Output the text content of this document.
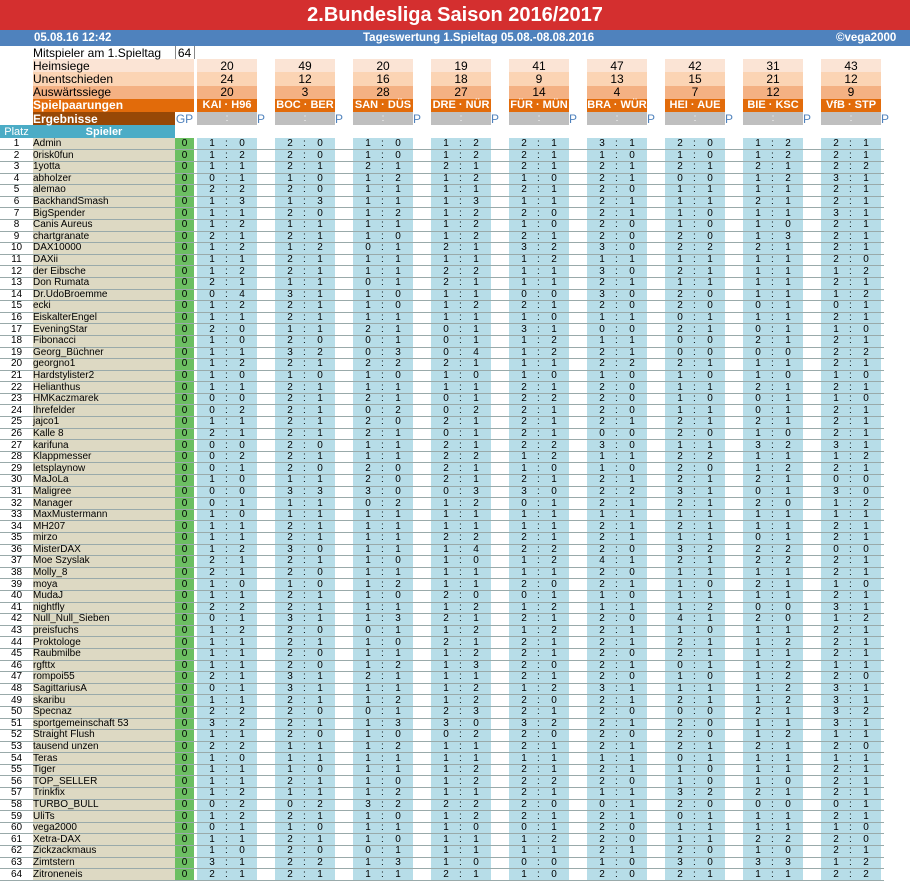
2.Bundesliga Saison 2016/2017
05.08.16 12:42	Tageswertung 1.Spieltag 05.08.-08.08.2016	©vega2000
	Mitspieler am 1.Spieltag	64																			
	Heimsiege			20		49		20		19		41		47		42		31		43	
	Unentschieden			24		12		16		18		9		13		15		21		12	
	Auswärtssiege			20		3		28		27		14		4		7		12		9	
	Spielpaarungen			KAI · H96		BOC · BER		SAN · DÜS		DRE · NÜR		FÜR · MÜN		BRA · WÜR		HEI · AUE		BIE · KSC		VfB · STP	
	Ergebnisse	GP		:	P	:	P	:	P	:	P	:	P	:	P	:	P	:	P	:	P
Platz	Spieler																				
1	Admin	0		1 : 0		2 : 0		1 : 0		1 : 2		2 : 1		3 : 1		2 : 0		1 : 2		2 : 1	
2	0risk0fun	0		1 : 2		2 : 0		1 : 0		1 : 2		2 : 1		1 : 0		1 : 0		1 : 2		2 : 1	
3	1yotta	0		1 : 1		2 : 1		2 : 1		2 : 1		2 : 1		2 : 1		2 : 1		2 : 1		2 : 2	
4	abholzer	0		0 : 1		1 : 0		1 : 2		1 : 2		1 : 0		2 : 1		0 : 0		1 : 2		3 : 1	
5	alemao	0		2 : 2		2 : 0		1 : 1		1 : 1		2 : 1		2 : 0		1 : 1		1 : 1		2 : 1	
6	BackhandSmash	0		1 : 3		1 : 3		1 : 1		1 : 3		1 : 1		2 : 1		1 : 1		2 : 1		2 : 1	
7	BigSpender	0		1 : 1		2 : 0		1 : 2		1 : 2		2 : 0		2 : 1		1 : 0		1 : 1		3 : 1	
8	Canis Aureus	0		1 : 2		1 : 1		1 : 1		1 : 2		1 : 0		2 : 0		1 : 0		1 : 0		2 : 1	
9	chartgranate	0		2 : 1		2 : 1		1 : 0		1 : 2		2 : 1		2 : 0		2 : 0		1 : 3		2 : 1	
10	DAX10000	0		1 : 2		1 : 2		0 : 1		2 : 1		3 : 2		3 : 0		2 : 2		2 : 1		2 : 1	
11	DAXii	0		1 : 1		2 : 1		1 : 1		1 : 1		1 : 2		1 : 1		1 : 1		1 : 1		2 : 0	
12	der Eibsche	0		1 : 2		2 : 1		1 : 1		2 : 2		1 : 1		3 : 0		2 : 1		1 : 1		1 : 2	
13	Don Rumata	0		2 : 1		1 : 1		0 : 1		2 : 1		1 : 1		2 : 1		1 : 1		1 : 1		2 : 1	
14	Dr.UdoBroemme	0		0 : 4		3 : 1		1 : 0		1 : 1		0 : 0		3 : 0		2 : 0		1 : 1		1 : 2	
15	ecki	0		1 : 2		2 : 1		1 : 0		1 : 2		2 : 1		2 : 0		2 : 0		0 : 1		0 : 1	
16	EiskalterEngel	0		1 : 1		2 : 1		1 : 1		1 : 1		1 : 0		1 : 1		0 : 1		1 : 1		2 : 1	
17	EveningStar	0		2 : 0		1 : 1		2 : 1		0 : 1		3 : 1		0 : 0		2 : 1		0 : 1		1 : 0	
18	Fibonacci	0		1 : 0		2 : 0		0 : 1		0 : 1		1 : 2		1 : 1		0 : 0		2 : 1		2 : 1	
19	Georg_Büchner	0		1 : 1		3 : 2		0 : 3		0 : 4		1 : 2		2 : 1		0 : 0		0 : 0		2 : 2	
20	georgno1	0		1 : 2		2 : 1		2 : 2		2 : 1		1 : 1		2 : 2		2 : 1		1 : 1		2 : 1	
21	Hardstylister2	0		1 : 0		1 : 0		1 : 0		1 : 0		1 : 0		1 : 0		1 : 0		1 : 0		1 : 0	
22	Helianthus	0		1 : 1		2 : 1		1 : 1		1 : 1		2 : 1		2 : 0		1 : 1		2 : 1		2 : 1	
23	HMKaczmarek	0		0 : 0		2 : 1		2 : 1		0 : 1		2 : 2		2 : 0		1 : 0		0 : 1		1 : 0	
24	Ihrefelder	0		0 : 2		2 : 1		0 : 2		0 : 2		2 : 1		2 : 0		1 : 1		0 : 1		2 : 1	
25	jajco1	0		1 : 1		2 : 1		2 : 0		2 : 1		2 : 1		2 : 1		2 : 1		2 : 1		2 : 1	
26	Kalle 8	0		2 : 1		2 : 1		2 : 1		0 : 1		2 : 1		0 : 0		2 : 0		1 : 0		2 : 1	
27	karifuna	0		0 : 0		2 : 0		1 : 1		2 : 1		2 : 2		3 : 0		1 : 1		3 : 2		3 : 1	
28	Klappmesser	0		0 : 2		2 : 1		1 : 1		2 : 2		1 : 2		1 : 1		2 : 2		1 : 1		1 : 2	
29	letsplaynow	0		0 : 1		2 : 0		2 : 0		2 : 1		1 : 0		1 : 0		2 : 0		1 : 2		2 : 1	
30	MaJoLa	0		1 : 0		1 : 1		2 : 0		2 : 1		2 : 1		2 : 1		2 : 1		2 : 1		0 : 0	
31	Maligree	0		0 : 0		3 : 3		3 : 0		0 : 3		3 : 0		2 : 2		3 : 1		0 : 1		3 : 0	
32	Manager	0		0 : 1		1 : 1		0 : 2		1 : 2		0 : 1		2 : 1		2 : 1		2 : 0		1 : 2	
33	MaxMustermann	0		1 : 0		1 : 1		1 : 1		1 : 1		1 : 1		1 : 1		1 : 1		1 : 1		1 : 1	
34	MH207	0		1 : 1		2 : 1		1 : 1		1 : 1		1 : 1		2 : 1		2 : 1		1 : 1		2 : 1	
35	mirzo	0		1 : 1		2 : 1		1 : 1		2 : 2		2 : 1		2 : 1		1 : 1		0 : 1		2 : 1	
36	MisterDAX	0		1 : 2		3 : 0		1 : 1		1 : 4		2 : 2		2 : 0		3 : 2		2 : 2		0 : 0	
37	Moe Szyslak	0		2 : 1		2 : 1		1 : 0		1 : 0		1 : 2		4 : 1		2 : 1		2 : 2		2 : 1	
38	Molly_8	0		2 : 1		2 : 0		1 : 1		1 : 1		1 : 1		2 : 0		1 : 1		1 : 1		2 : 1	
39	moya	0		1 : 0		1 : 0		1 : 2		1 : 1		2 : 0		2 : 1		1 : 0		2 : 1		1 : 0	
40	MudaJ	0		1 : 1		2 : 1		1 : 0		2 : 0		0 : 1		1 : 0		1 : 1		1 : 1		2 : 1	
41	nightfly	0		2 : 2		2 : 1		1 : 1		1 : 2		1 : 2		1 : 1		1 : 2		0 : 0		3 : 1	
42	Null_Null_Sieben	0		0 : 1		3 : 1		1 : 3		2 : 1		2 : 1		2 : 0		4 : 1		2 : 0		1 : 2	
43	preisfuchs	0		1 : 2		2 : 0		0 : 1		1 : 2		1 : 2		2 : 1		1 : 0		1 : 1		2 : 1	
44	Proktologe	0		1 : 1		2 : 1		1 : 0		2 : 1		2 : 1		2 : 1		2 : 1		1 : 2		2 : 1	
45	Raubmilbe	0		1 : 1		2 : 0		1 : 1		1 : 2		2 : 1		2 : 0		2 : 1		1 : 1		2 : 1	
46	rgfttx	0		1 : 1		2 : 0		1 : 2		1 : 3		2 : 0		2 : 1		0 : 1		1 : 2		1 : 1	
47	rompoi55	0		2 : 1		3 : 1		2 : 1		1 : 1		2 : 1		2 : 0		1 : 0		1 : 2		2 : 0	
48	SagittariusA	0		0 : 1		3 : 1		1 : 1		1 : 2		1 : 2		3 : 1		1 : 1		1 : 2		3 : 1	
49	skaribu	0		1 : 1		2 : 1		1 : 2		1 : 2		2 : 0		2 : 1		2 : 1		1 : 2		3 : 1	
50	Specnaz	0		2 : 2		2 : 0		0 : 1		2 : 3		2 : 1		2 : 0		0 : 0		2 : 1		3 : 2	
51	sportgemeinschaft 53	0		3 : 2		2 : 1		1 : 3		3 : 0		3 : 2		2 : 1		2 : 0		1 : 1		3 : 1	
52	Straight Flush	0		1 : 1		2 : 0		1 : 0		0 : 2		2 : 0		2 : 0		2 : 0		1 : 2		1 : 1	
53	tausend unzen	0		2 : 2		1 : 1		1 : 2		1 : 1		2 : 1		2 : 1		2 : 1		2 : 1		2 : 0	
54	Teras	0		1 : 0		1 : 1		1 : 1		1 : 1		1 : 1		1 : 1		0 : 1		1 : 1		1 : 1	
55	Tiger	0		1 : 1		1 : 0		1 : 1		1 : 2		2 : 1		2 : 1		1 : 0		1 : 1		2 : 1	
56	TOP_SELLER	0		1 : 1		2 : 1		1 : 0		1 : 2		2 : 2		2 : 0		1 : 0		1 : 0		2 : 1	
57	Trinkfix	0		1 : 2		1 : 1		1 : 2		1 : 1		2 : 1		1 : 1		3 : 2		2 : 1		2 : 1	
58	TURBO_BULL	0		0 : 2		0 : 2		3 : 2		2 : 2		2 : 0		0 : 1		2 : 0		0 : 0		0 : 1	
59	UliTs	0		1 : 2		2 : 1		1 : 0		1 : 2		2 : 1		2 : 1		0 : 1		1 : 1		2 : 1	
60	vega2000	0		0 : 1		1 : 0		1 : 1		1 : 0		0 : 1		2 : 0		1 : 1		1 : 1		1 : 0	
61	Xetra-DAX	0		1 : 1		2 : 1		1 : 0		1 : 1		1 : 2		2 : 0		1 : 1		2 : 2		2 : 0	
62	Zickzackmaus	0		1 : 0		2 : 0		0 : 1		1 : 1		1 : 1		2 : 1		2 : 0		1 : 0		2 : 1	
63	Zimtstern	0		3 : 1		2 : 2		1 : 3		1 : 0		0 : 0		1 : 0		3 : 0		3 : 3		1 : 2	
64	Zitroneneis	0		2 : 1		2 : 1		1 : 1		2 : 1		1 : 0		2 : 0		2 : 1		1 : 1		2 : 2	
